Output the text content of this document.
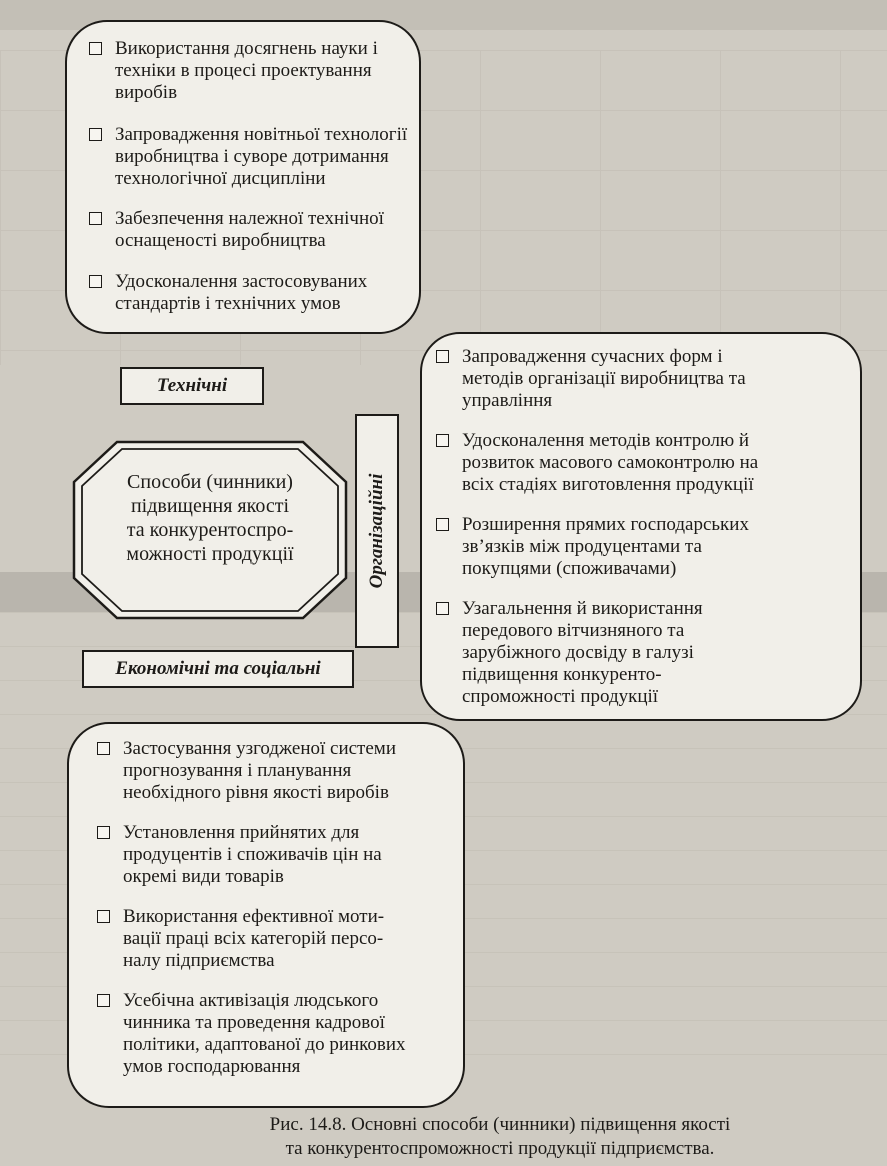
Використання досягнень науки і
техніки в процесі проектування
виробів
Запровадження новітньої технології
виробництва і суворе дотримання
технологічної дисципліни
Забезпечення належної технічної
оснащеності виробництва
Удосконалення застосовуваних
стандартів і технічних умов
Технічні
Способи (чинники)
підвищення якості
та конкурентоспро-
можності продукції	Організаційні
Запровадження сучасних форм і
методів організації виробництва та
управління
Удосконалення методів контролю й
розвиток масового самоконтролю на
всіх стадіях виготовлення продукції
Розширення прямих господарських
зв’язків між продуцентами та
покупцями (споживачами)
Узагальнення й використання
передового вітчизняного та
зарубіжного досвіду в галузі
підвищення конкуренто-
спроможності продукції
Економічні та соціальні
Застосування узгодженої системи
прогнозування і планування
необхідного рівня якості виробів
Установлення прийнятих для
продуцентів і споживачів цін на
окремі види товарів
Використання ефективної моти-
вації праці всіх категорій персо-
налу підприємства
Усебічна активізація людського
чинника та проведення кадрової
політики, адаптованої до ринкових
умов господарювання
Рис. 14.8. Основні способи (чинники) підвищення якості
та конкурентоспроможності продукції підприємства.
